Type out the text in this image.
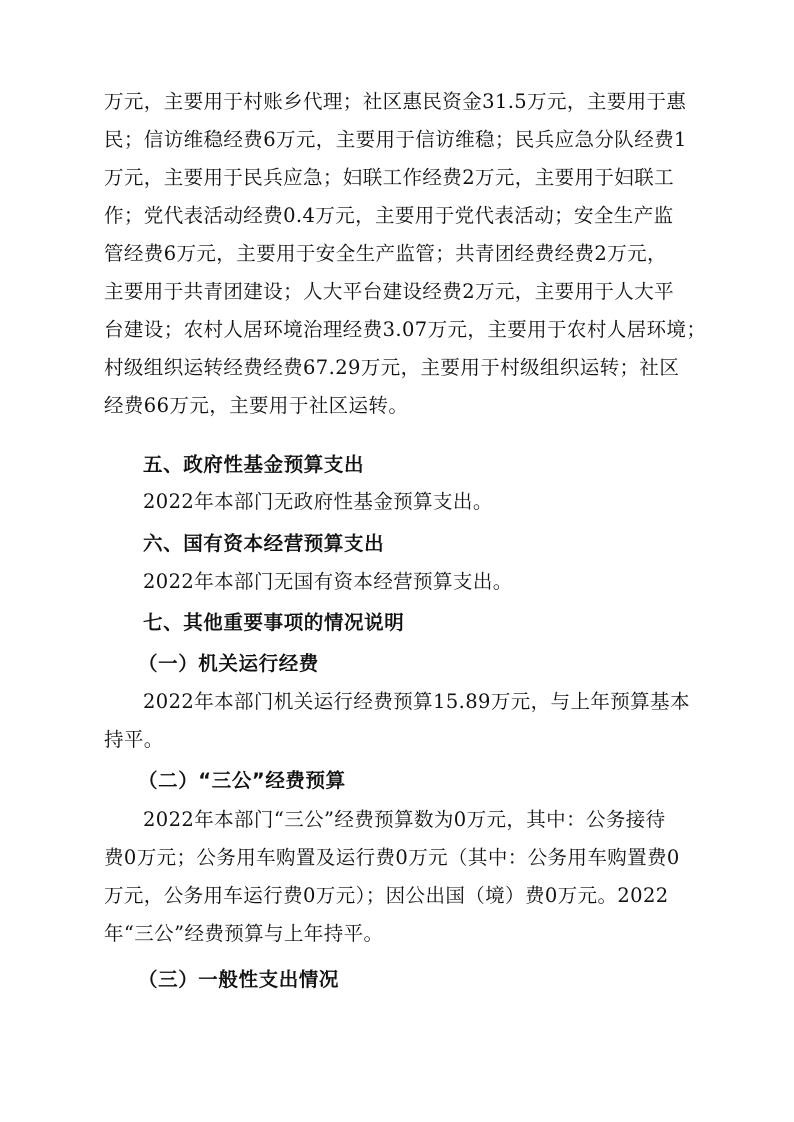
万元，主要用于村账乡代理；社区惠民资金31.5万元，主要用于惠
民；信访维稳经费6万元，主要用于信访维稳；民兵应急分队经费1
万元，主要用于民兵应急；妇联工作经费2万元，主要用于妇联工
作；党代表活动经费0.4万元，主要用于党代表活动；安全生产监
管经费6万元，主要用于安全生产监管；共青团经费经费2万元，
主要用于共青团建设；人大平台建设经费2万元，主要用于人大平
台建设；农村人居环境治理经费3.07万元，主要用于农村人居环境；
村级组织运转经费经费67.29万元，主要用于村级组织运转；社区
经费66万元，主要用于社区运转。
五、政府性基金预算支出
2022年本部门无政府性基金预算支出。
六、国有资本经营预算支出
2022年本部门无国有资本经营预算支出。
七、其他重要事项的情况说明
（一）机关运行经费
2022年本部门机关运行经费预算15.89万元，与上年预算基本
持平。
（二）“三公”经费预算
2022年本部门“三公”经费预算数为0万元，其中：公务接待
费0万元；公务用车购置及运行费0万元（其中：公务用车购置费0
万元，公务用车运行费0万元）；因公出国（境）费0万元。2022
年“三公”经费预算与上年持平。
（三）一般性支出情况
